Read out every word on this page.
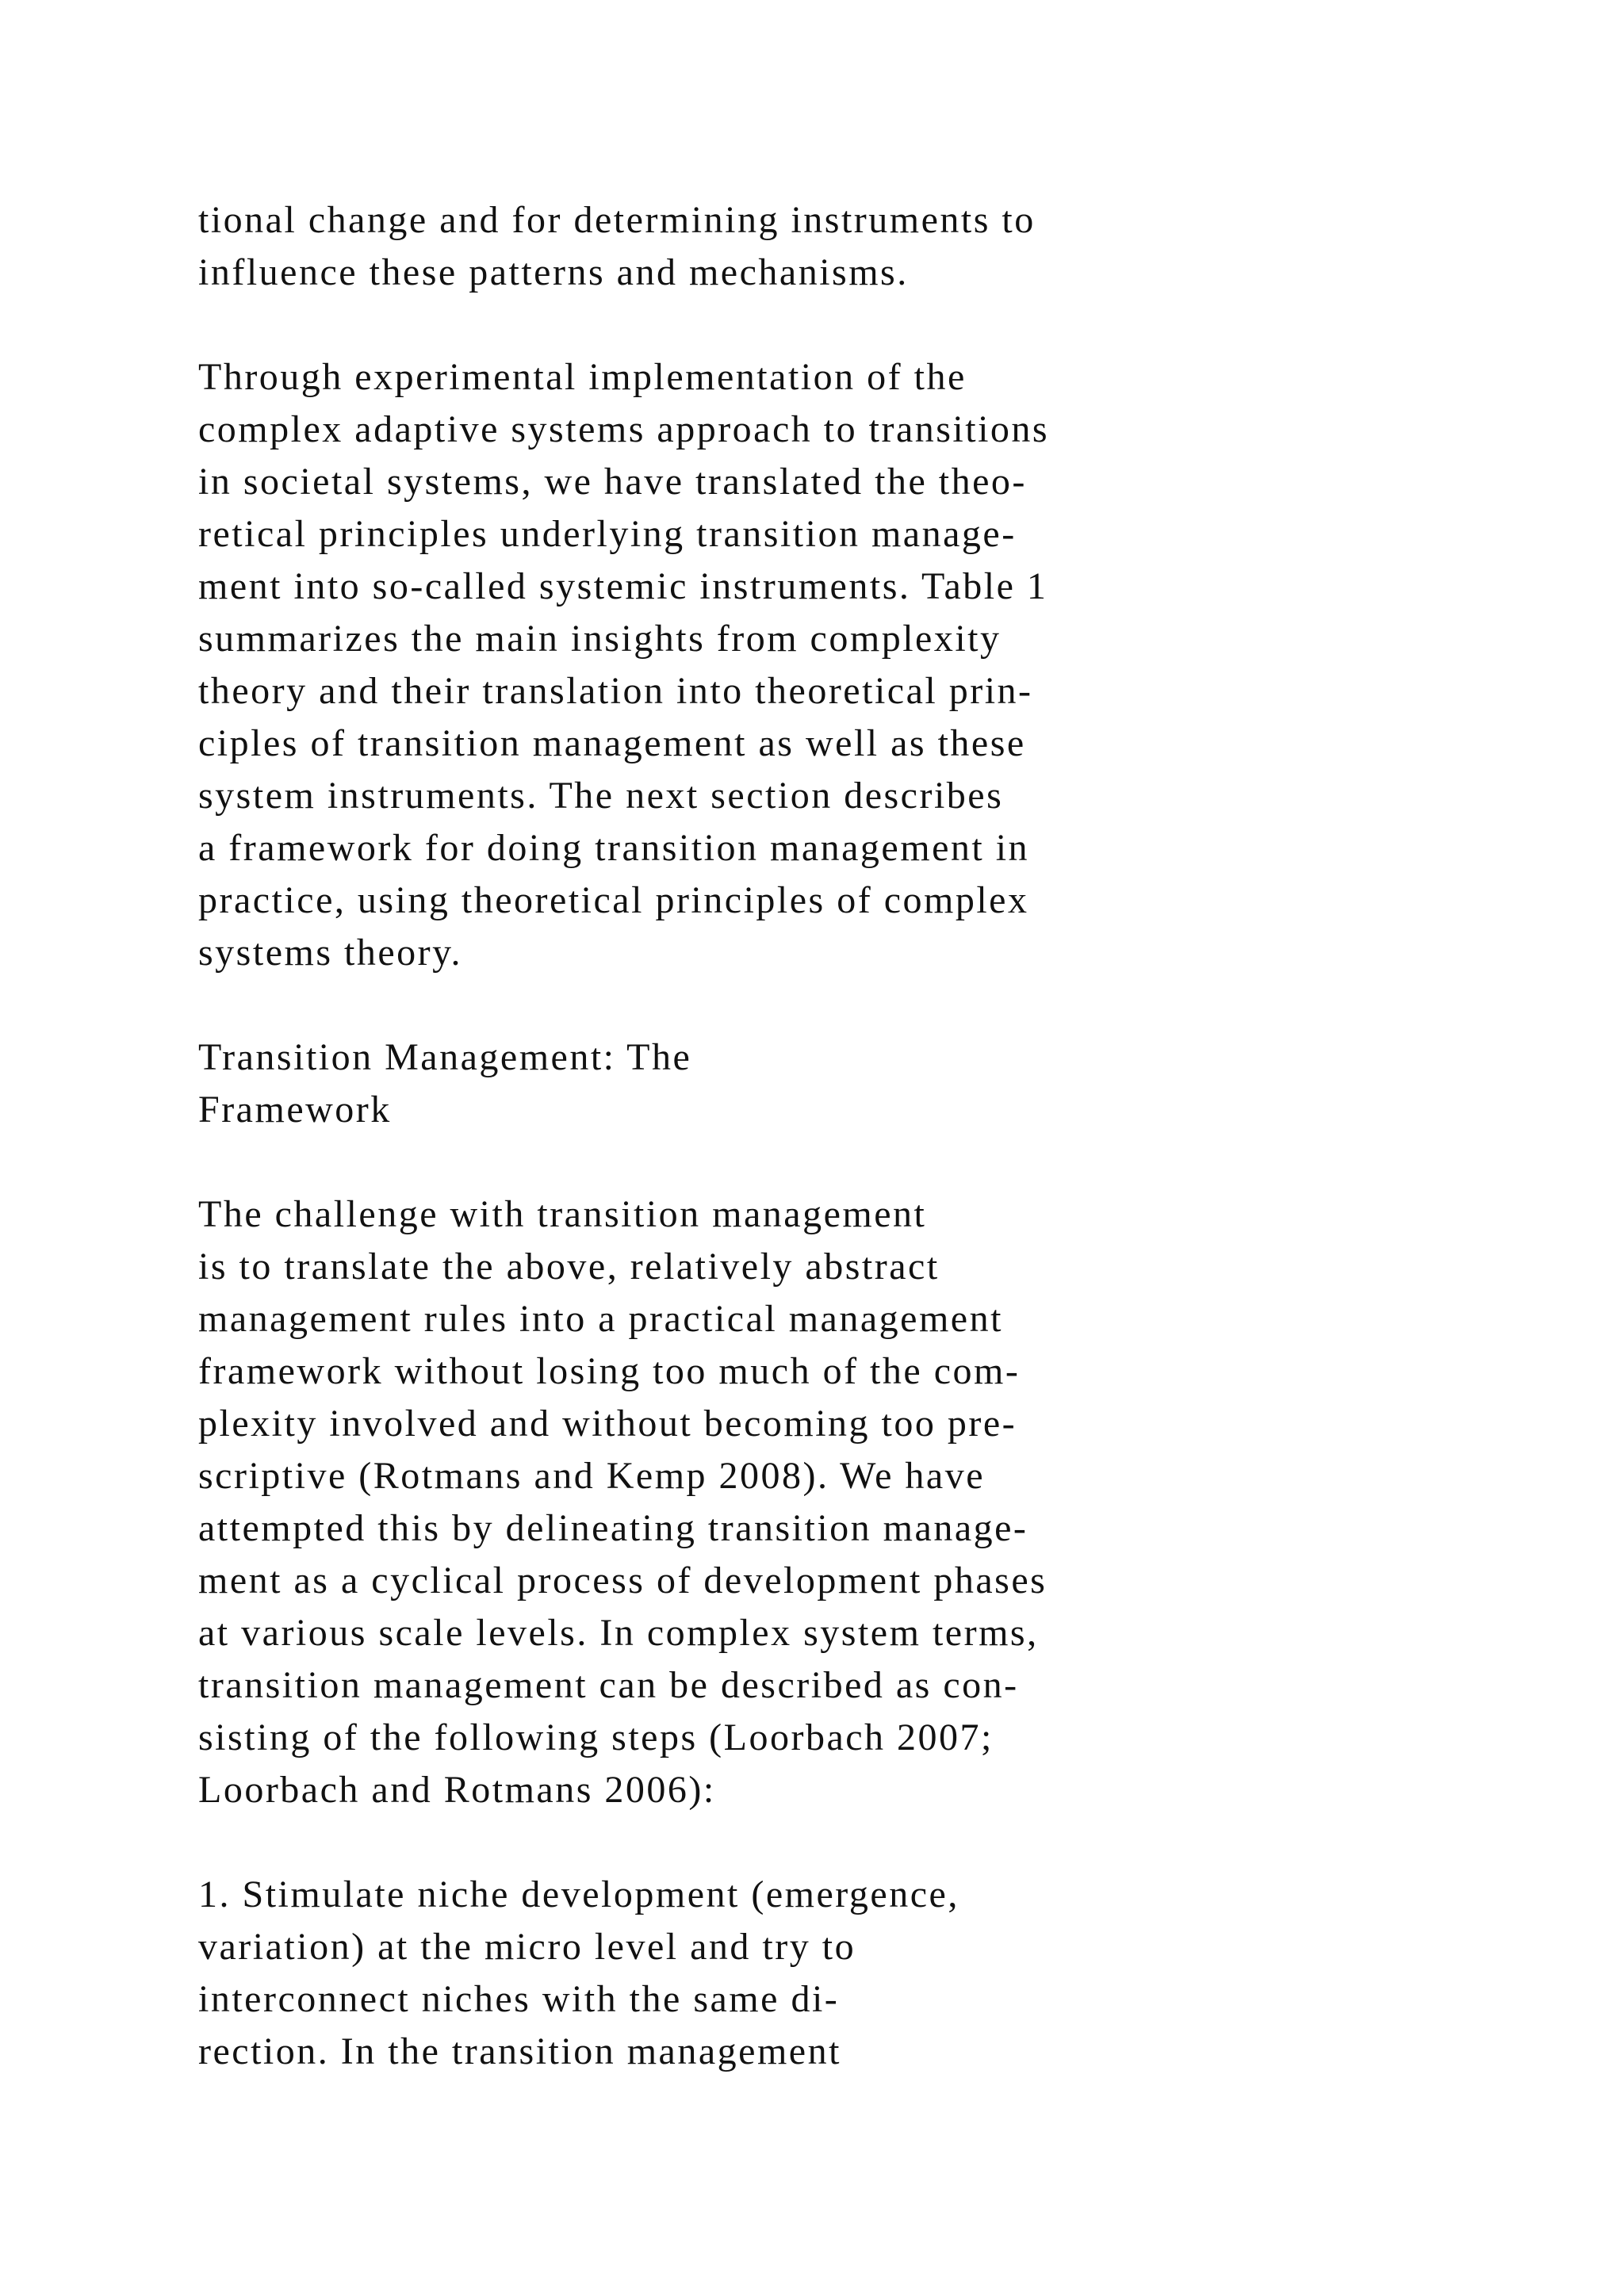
tional change and for determining instruments to
influence these patterns and mechanisms.

Through experimental implementation of the
complex adaptive systems approach to transitions
in societal systems, we have translated the theo-
retical principles underlying transition manage-
ment into so-called systemic instruments. Table 1
summarizes the main insights from complexity
theory and their translation into theoretical prin-
ciples of transition management as well as these
system instruments. The next section describes
a framework for doing transition management in
practice, using theoretical principles of complex
systems theory.

Transition Management: The
Framework

The challenge with transition management
is to translate the above, relatively abstract
management rules into a practical management
framework without losing too much of the com-
plexity involved and without becoming too pre-
scriptive (Rotmans and Kemp 2008). We have
attempted this by delineating transition manage-
ment as a cyclical process of development phases
at various scale levels. In complex system terms,
transition management can be described as con-
sisting of the following steps (Loorbach 2007;
Loorbach and Rotmans 2006):

1. Stimulate niche development (emergence,
variation) at the micro level and try to
interconnect niches with the same di-
rection. In the transition management
